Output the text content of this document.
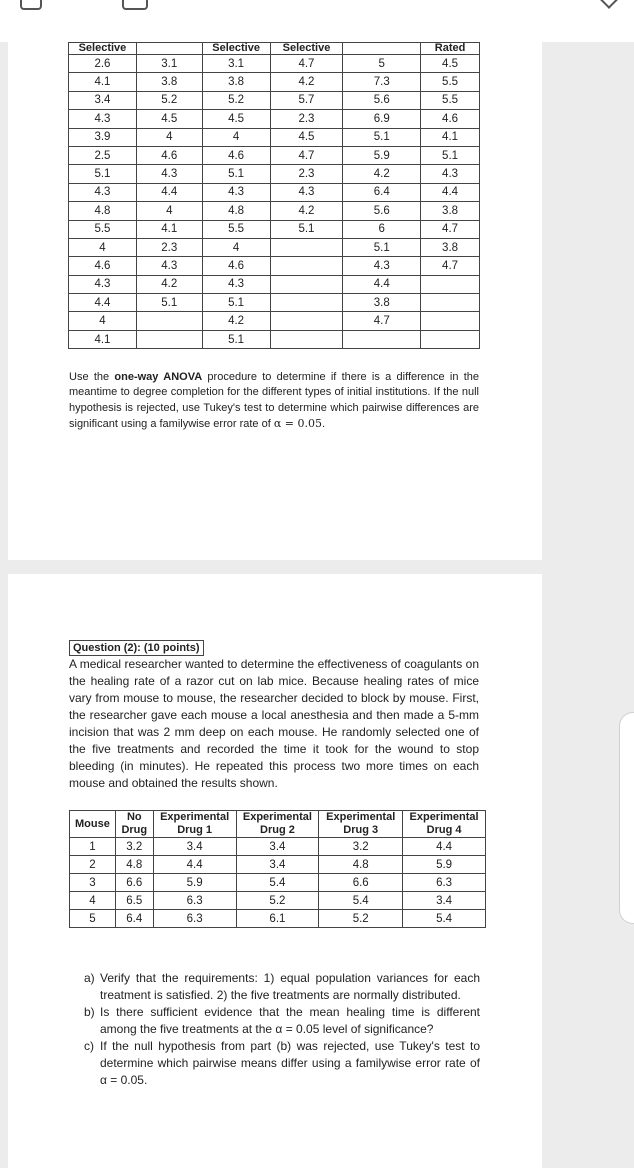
Selective		Selective	Selective		Rated
2.6	3.1	3.1	4.7	5	4.5
4.1	3.8	3.8	4.2	7.3	5.5
3.4	5.2	5.2	5.7	5.6	5.5
4.3	4.5	4.5	2.3	6.9	4.6
3.9	4	4	4.5	5.1	4.1
2.5	4.6	4.6	4.7	5.9	5.1
5.1	4.3	5.1	2.3	4.2	4.3
4.3	4.4	4.3	4.3	6.4	4.4
4.8	4	4.8	4.2	5.6	3.8
5.5	4.1	5.5	5.1	6	4.7
4	2.3	4		5.1	3.8
4.6	4.3	4.6		4.3	4.7
4.3	4.2	4.3		4.4	
4.4	5.1	5.1		3.8	
4		4.2		4.7	
4.1		5.1			
Use the one-way ANOVA procedure to determine if there is a difference in the meantime to degree completion for the different types of initial institutions. If the null hypothesis is rejected, use Tukey's test to determine which pairwise differences are significant using a familywise error rate of α = 0.05.
Question (2): (10 points)
A medical researcher wanted to determine the effectiveness of coagulants on the healing rate of a razor cut on lab mice. Because healing rates of mice vary from mouse to mouse, the researcher decided to block by mouse. First, the researcher gave each mouse a local anesthesia and then made a 5-mm incision that was 2 mm deep on each mouse. He randomly selected one of the five treatments and recorded the time it took for the wound to stop bleeding (in minutes). He repeated this process two more times on each mouse and obtained the results shown.
Mouse	No Drug	Experimental Drug 1	Experimental Drug 2	Experimental Drug 3	Experimental Drug 4
1	3.2	3.4	3.4	3.2	4.4
2	4.8	4.4	3.4	4.8	5.9
3	6.6	5.9	5.4	6.6	6.3
4	6.5	6.3	5.2	5.4	3.4
5	6.4	6.3	6.1	5.2	5.4
a) Verify that the requirements: 1) equal population variances for each treatment is satisfied. 2) the five treatments are normally distributed.
b) Is there sufficient evidence that the mean healing time is different among the five treatments at the α = 0.05 level of significance?
c) If the null hypothesis from part (b) was rejected, use Tukey's test to determine which pairwise means differ using a familywise error rate of α = 0.05.
